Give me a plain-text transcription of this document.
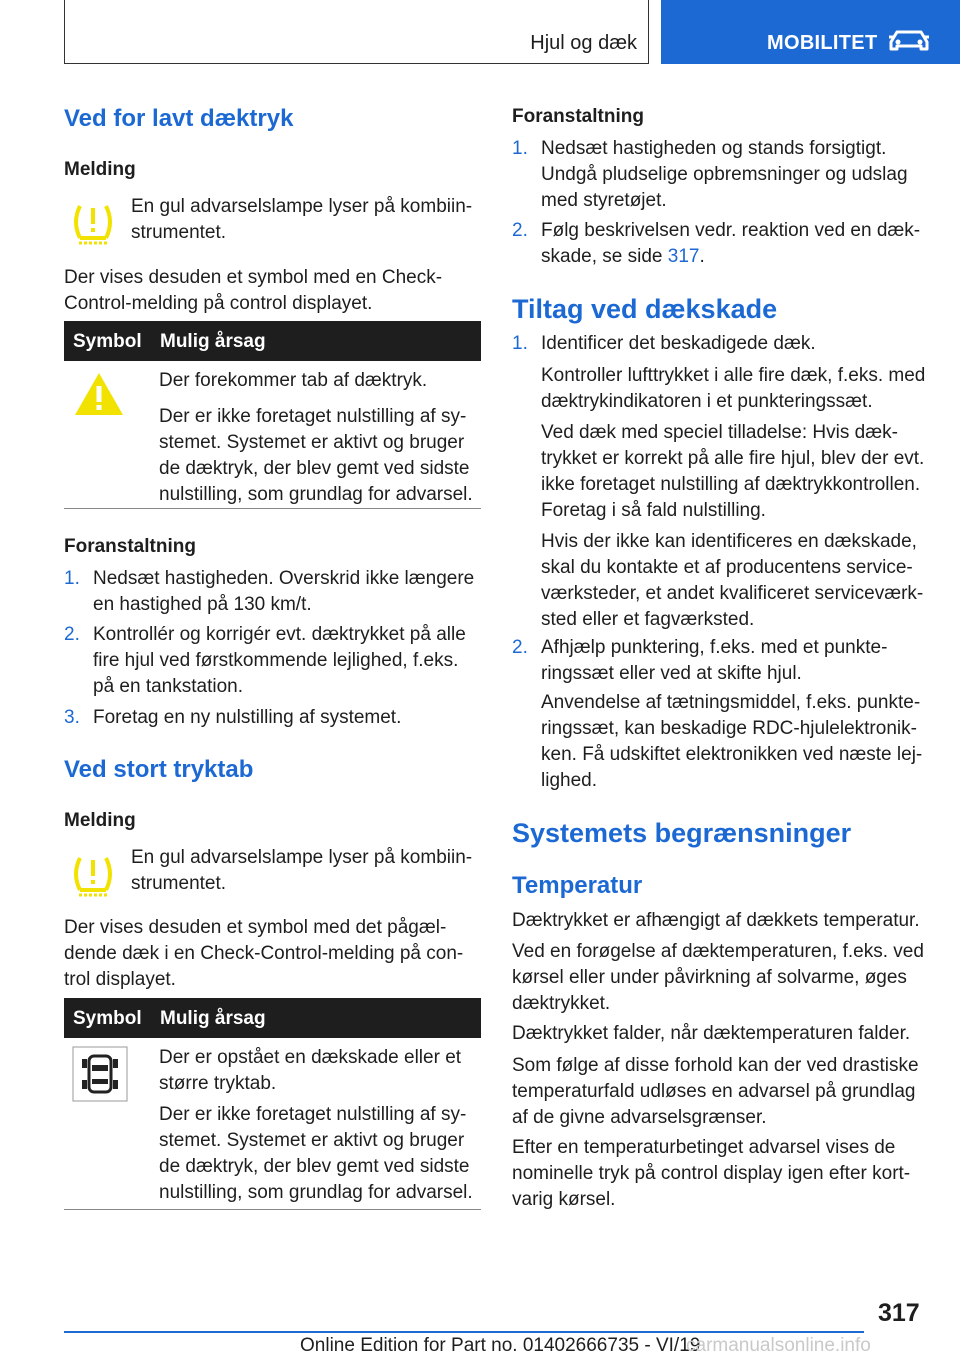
Hjul og dæk	MOBILITET
Ved for lavt dæktryk
Melding
En gul advarselslampe lyser på kombiin-
strumentet.
Der vises desuden et symbol med en Check-
Control-melding på control displayet.
Symbol Mulig årsag
Der forekommer tab af dæktryk.
Der er ikke foretaget nulstilling af sy-
stemet. Systemet er aktivt og bruger
de dæktryk, der blev gemt ved sidste
nulstilling, som grundlag for advarsel.
Foranstaltning
1. Nedsæt hastigheden. Overskrid ikke længere
en hastighed på 130 km/t.
2. Kontrollér og korrigér evt. dæktrykket på alle
fire hjul ved førstkommende lejlighed, f.eks.
på en tankstation.
3. Foretag en ny nulstilling af systemet.
Ved stort tryktab
Melding
En gul advarselslampe lyser på kombiin-
strumentet.
Der vises desuden et symbol med det pågæl-
dende dæk i en Check-Control-melding på con-
trol displayet.
Symbol Mulig årsag
Der er opstået en dækskade eller et
større tryktab.
Der er ikke foretaget nulstilling af sy-
stemet. Systemet er aktivt og bruger
de dæktryk, der blev gemt ved sidste
nulstilling, som grundlag for advarsel.
Foranstaltning
1. Nedsæt hastigheden og stands forsigtigt.
Undgå pludselige opbremsninger og udslag
med styretøjet.
2. Følg beskrivelsen vedr. reaktion ved en dæk-
skade, se side 317.
Tiltag ved dækskade
1. Identificer det beskadigede dæk.
Kontroller lufttrykket i alle fire dæk, f.eks. med
dæktrykindikatoren i et punkteringssæt.
Ved dæk med speciel tilladelse: Hvis dæk-
trykket er korrekt på alle fire hjul, blev der evt.
ikke foretaget nulstilling af dæktrykkontrollen.
Foretag i så fald nulstilling.
Hvis der ikke kan identificeres en dækskade,
skal du kontakte et af producentens service-
værksteder, et andet kvalificeret serviceværk-
sted eller et fagværksted.
2. Afhjælp punktering, f.eks. med et punkte-
ringssæt eller ved at skifte hjul.
Anvendelse af tætningsmiddel, f.eks. punkte-
ringssæt, kan beskadige RDC-hjulelektronik-
ken. Få udskiftet elektronikken ved næste lej-
lighed.
Systemets begrænsninger
Temperatur
Dæktrykket er afhængigt af dækkets temperatur.
Ved en forøgelse af dæktemperaturen, f.eks. ved
kørsel eller under påvirkning af solvarme, øges
dæktrykket.
Dæktrykket falder, når dæktemperaturen falder.
Som følge af disse forhold kan der ved drastiske
temperaturfald udløses en advarsel på grundlag
af de givne advarselsgrænser.
Efter en temperaturbetinget advarsel vises de
nominelle tryk på control display igen efter kort-
varig kørsel.
317
Online Edition for Part no. 01402666735 - VI/19
carmanualsonline.info
